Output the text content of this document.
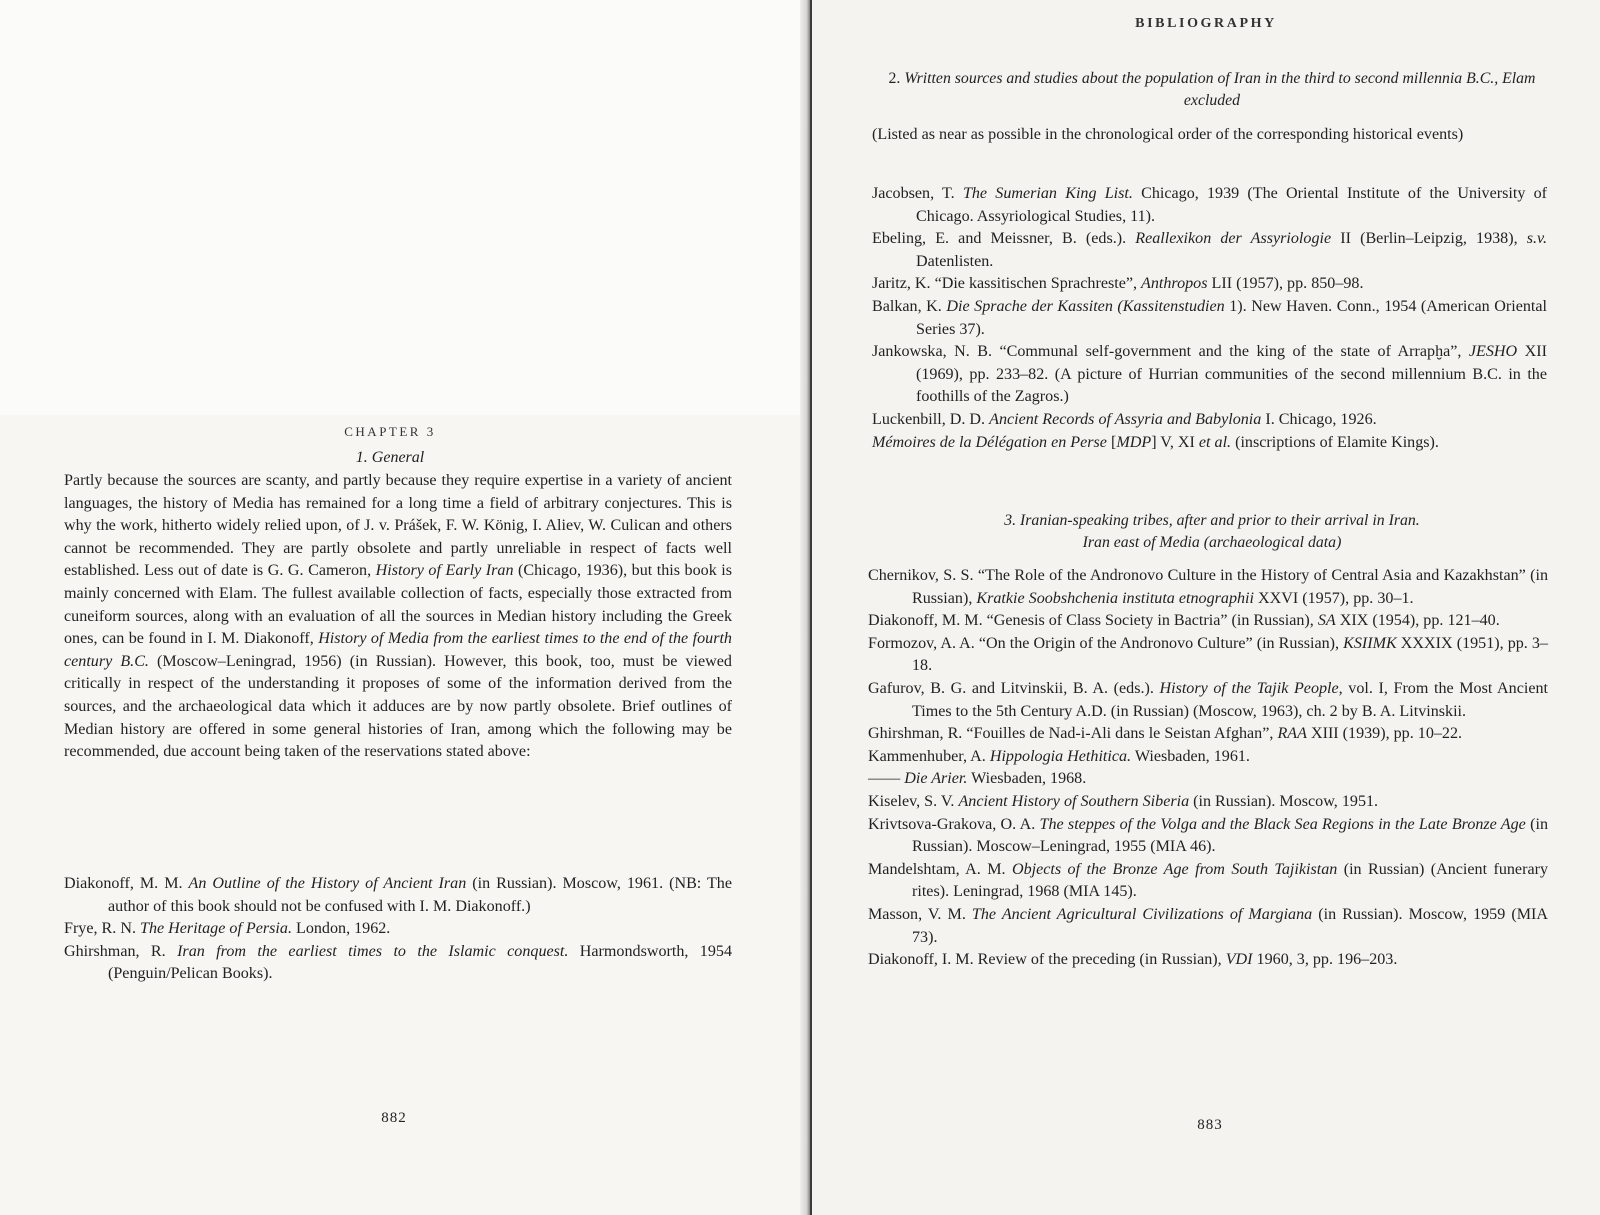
CHAPTER 3
1. General
Partly because the sources are scanty, and partly because they require expertise in a variety of ancient languages, the history of Media has remained for a long time a field of arbitrary conjectures. This is why the work, hitherto widely relied upon, of J. v. Prášek, F. W. König, I. Aliev, W. Culican and others cannot be recommended. They are partly obsolete and partly unreliable in respect of facts well established. Less out of date is G. G. Cameron, History of Early Iran (Chicago, 1936), but this book is mainly concerned with Elam. The fullest available collection of facts, especially those extracted from cuneiform sources, along with an evaluation of all the sources in Median history including the Greek ones, can be found in I. M. Diakonoff, History of Media from the earliest times to the end of the fourth century B.C. (Moscow–Leningrad, 1956) (in Russian). However, this book, too, must be viewed critically in respect of the understanding it proposes of some of the information derived from the sources, and the archaeological data which it adduces are by now partly obsolete. Brief outlines of Median history are offered in some general histories of Iran, among which the following may be recommended, due account being taken of the reservations stated above:

Diakonoff, M. M. An Outline of the History of Ancient Iran (in Russian). Moscow, 1961. (NB: The author of this book should not be confused with I. M. Diakonoff.)

Frye, R. N. The Heritage of Persia. London, 1962.

Ghirshman, R. Iran from the earliest times to the Islamic conquest. Harmondsworth, 1954 (Penguin/Pelican Books).

882
BIBLIOGRAPHY
2. Written sources and studies about the population of Iran in the third to second millennia B.C., Elam excluded
(Listed as near as possible in the chronological order of the corresponding historical events)

Jacobsen, T. The Sumerian King List. Chicago, 1939 (The Oriental Institute of the University of Chicago. Assyriological Studies, 11).

Ebeling, E. and Meissner, B. (eds.). Reallexikon der Assyriologie II (Berlin–Leipzig, 1938), s.v. Datenlisten.

Jaritz, K. “Die kassitischen Sprachreste”, Anthropos LII (1957), pp. 850–98.

Balkan, K. Die Sprache der Kassiten (Kassitenstudien 1). New Haven. Conn., 1954 (American Oriental Series 37).

Jankowska, N. B. “Communal self-government and the king of the state of Arrapḫa”, JESHO XII (1969), pp. 233–82. (A picture of Hurrian communities of the second millennium B.C. in the foothills of the Zagros.)

Luckenbill, D. D. Ancient Records of Assyria and Babylonia I. Chicago, 1926.

Mémoires de la Délégation en Perse [MDP] V, XI et al. (inscriptions of Elamite Kings).

3. Iranian-speaking tribes, after and prior to their arrival in Iran.
Iran east of Media (archaeological data)

Chernikov, S. S. “The Role of the Andronovo Culture in the History of Central Asia and Kazakhstan” (in Russian), Kratkie Soobshchenia instituta etnographii XXVI (1957), pp. 30–1.

Diakonoff, M. M. “Genesis of Class Society in Bactria” (in Russian), SA XIX (1954), pp. 121–40.

Formozov, A. A. “On the Origin of the Andronovo Culture” (in Russian), KSIIMK XXXIX (1951), pp. 3–18.

Gafurov, B. G. and Litvinskii, B. A. (eds.). History of the Tajik People, vol. I, From the Most Ancient Times to the 5th Century A.D. (in Russian) (Moscow, 1963), ch. 2 by B. A. Litvinskii.

Ghirshman, R. “Fouilles de Nad-i-Ali dans le Seistan Afghan”, RAA XIII (1939), pp. 10–22.

Kammenhuber, A. Hippologia Hethitica. Wiesbaden, 1961.

—— Die Arier. Wiesbaden, 1968.

Kiselev, S. V. Ancient History of Southern Siberia (in Russian). Moscow, 1951.

Krivtsova-Grakova, O. A. The steppes of the Volga and the Black Sea Regions in the Late Bronze Age (in Russian). Moscow–Leningrad, 1955 (MIA 46).

Mandelshtam, A. M. Objects of the Bronze Age from South Tajikistan (in Russian) (Ancient funerary rites). Leningrad, 1968 (MIA 145).

Masson, V. M. The Ancient Agricultural Civilizations of Margiana (in Russian). Moscow, 1959 (MIA 73).

Diakonoff, I. M. Review of the preceding (in Russian), VDI 1960, 3, pp. 196–203.

883
